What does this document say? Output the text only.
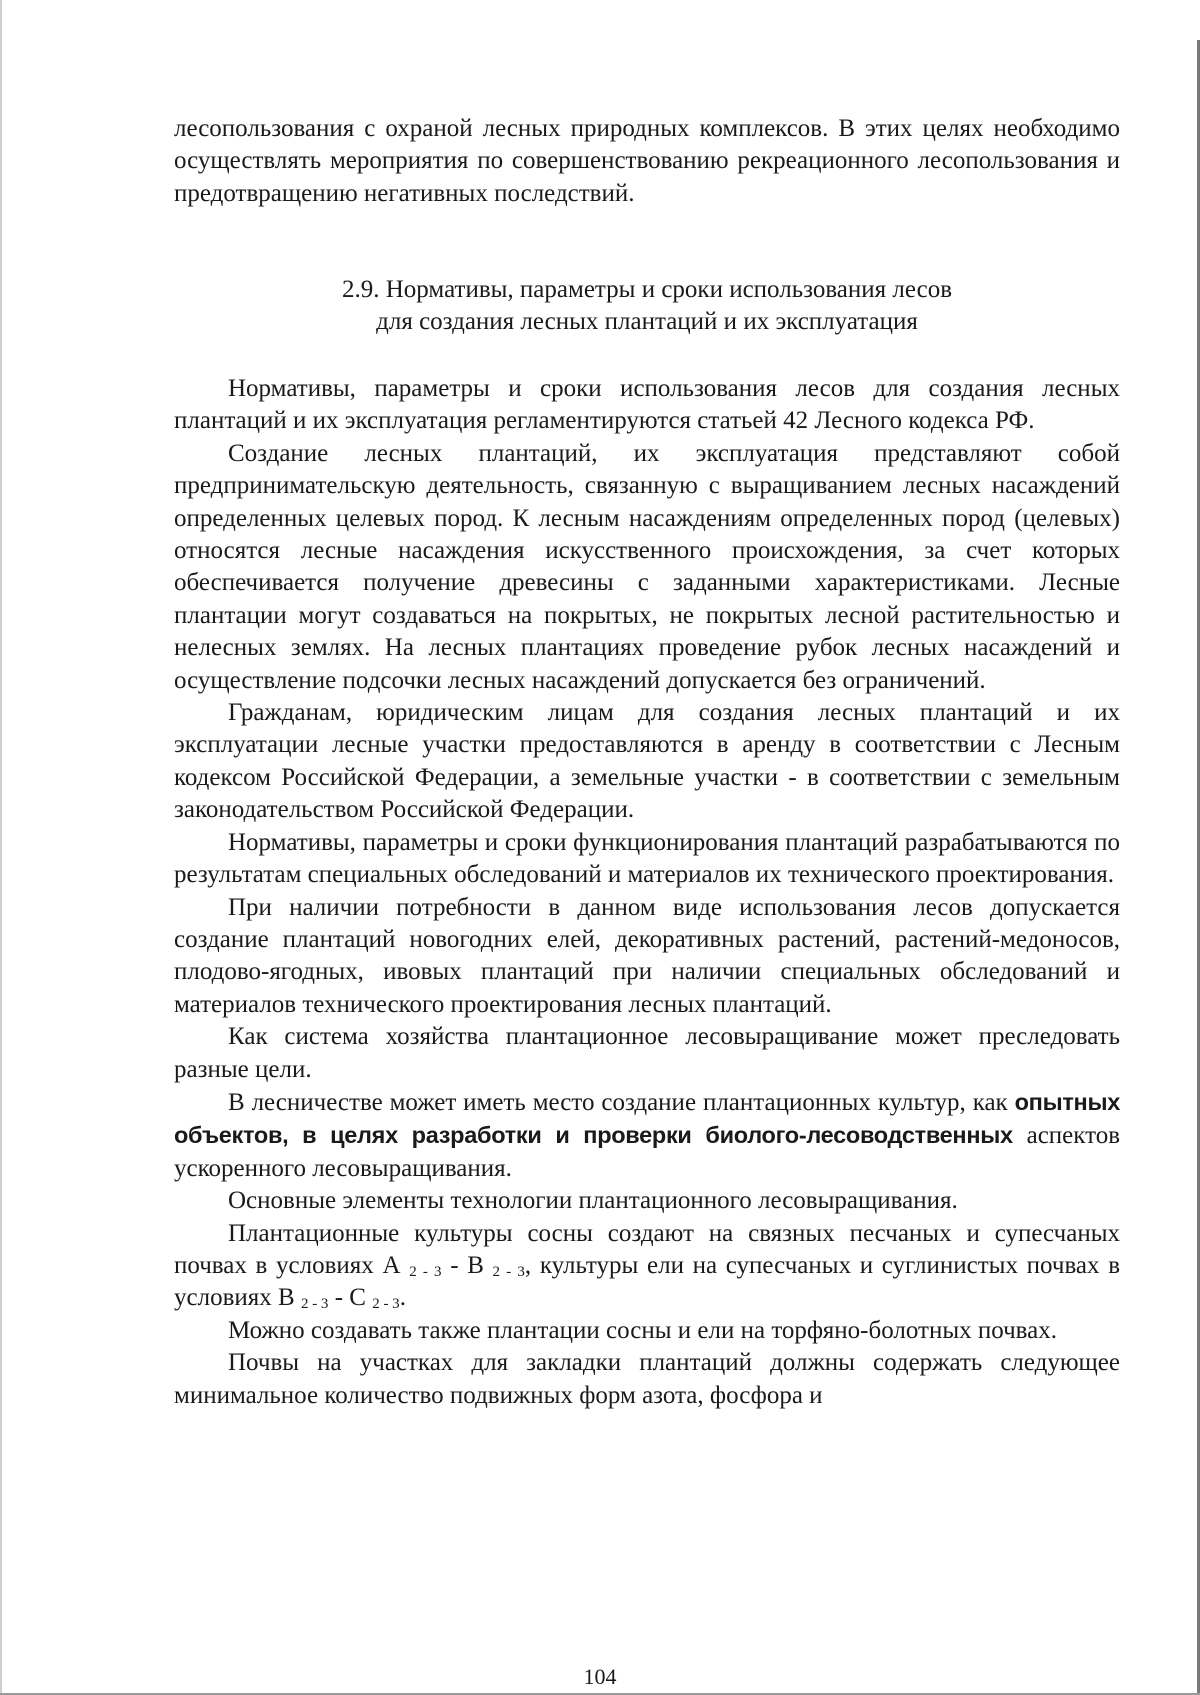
лесопользования с охраной лесных природных комплексов. В этих целях необходимо осуществлять мероприятия по совершенствованию рекреационного лесопользования и предотвращению негативных последствий.

2.9. Нормативы, параметры и сроки использования лесов
для создания лесных плантаций и их эксплуатация

Нормативы, параметры и сроки использования лесов для создания лесных плантаций и их эксплуатация регламентируются статьей 42 Лесного кодекса РФ.

Создание лесных плантаций, их эксплуатация представляют собой предпринимательскую деятельность, связанную с выращиванием лесных насаждений определенных целевых пород. К лесным насаждениям определенных пород (целевых) относятся лесные насаждения искусственного происхождения, за счет которых обеспечивается получение древесины с заданными характеристиками. Лесные плантации могут создаваться на покрытых, не покрытых лесной растительностью и нелесных землях. На лесных плантациях проведение рубок лесных насаждений и осуществление подсочки лесных насаждений допускается без ограничений.

Гражданам, юридическим лицам для создания лесных плантаций и их эксплуатации лесные участки предоставляются в аренду в соответствии с Лесным кодексом Российской Федерации, а земельные участки - в соответствии с земельным законодательством Российской Федерации.

Нормативы, параметры и сроки функционирования плантаций разрабатываются по результатам специальных обследований и материалов их технического проектирования.

При наличии потребности в данном виде использования лесов допускается создание плантаций новогодних елей, декоративных растений, растений-медоносов, плодово-ягодных, ивовых плантаций при наличии специальных обследований и материалов технического проектирования лесных плантаций.

Как система хозяйства плантационное лесовыращивание может преследовать разные цели.

В лесничестве может иметь место создание плантационных культур, как опытных объектов, в целях разработки и проверки биолого-лесоводственных аспектов ускоренного лесовыращивания.

Основные элементы технологии плантационного лесовыращивания.

Плантационные культуры сосны создают на связных песчаных и супесчаных почвах в условиях А $_{2 - 3}$ - В $_{2 - 3}$, культуры ели на супесчаных и суглинистых почвах в условиях В $_{2 - 3}$ - С $_{2 - 3}$.

Можно создавать также плантации сосны и ели на торфяно-болотных почвах.

Почвы на участках для закладки плантаций должны содержать следующее минимальное количество подвижных форм азота, фосфора и

104
